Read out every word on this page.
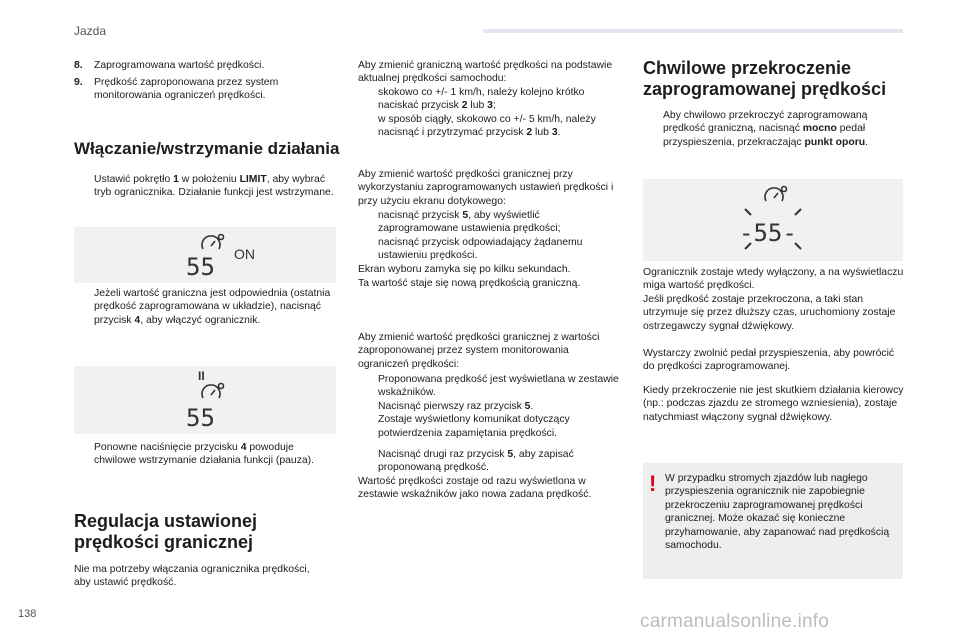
Jazda
138	carmanualsonline.info
8.	Zaprogramowana wartość prędkości.
9.	Prędkość zaproponowana przez system monitorowania ograniczeń prędkości.
Włączanie/wstrzymanie działania
Ustawić pokrętło 1 w położeniu LIMIT, aby wybrać tryb ogranicznika. Działanie funkcji jest wstrzymane.
55 ON
Jeżeli wartość graniczna jest odpowiednia (ostatnia prędkość zaprogramowana w układzie), nacisnąć przycisk 4, aby włączyć ogranicznik.
II
55
Ponowne naciśnięcie przycisku 4 powoduje chwilowe wstrzymanie działania funkcji (pauza).
Regulacja ustawionej
prędkości granicznej
Nie ma potrzeby włączania ogranicznika prędkości, aby ustawić prędkość.
Aby zmienić graniczną wartość prędkości na podstawie aktualnej prędkości samochodu:
skokowo co +/- 1 km/h, należy kolejno krótko naciskać przycisk 2 lub 3;
w sposób ciągły, skokowo co +/- 5 km/h, należy nacisnąć i przytrzymać przycisk 2 lub 3.
Aby zmienić wartość prędkości granicznej przy wykorzystaniu zaprogramowanych ustawień prędkości i przy użyciu ekranu dotykowego:
nacisnąć przycisk 5, aby wyświetlić zaprogramowane ustawienia prędkości;
nacisnąć przycisk odpowiadający żądanemu ustawieniu prędkości.
Ekran wyboru zamyka się po kilku sekundach.
Ta wartość staje się nową prędkością graniczną.
Aby zmienić wartość prędkości granicznej z wartości zaproponowanej przez system monitorowania ograniczeń prędkości:
Proponowana prędkość jest wyświetlana w zestawie wskaźników.
Nacisnąć pierwszy raz przycisk 5.
Zostaje wyświetlony komunikat dotyczący potwierdzenia zapamiętania prędkości.
Nacisnąć drugi raz przycisk 5, aby zapisać proponowaną prędkość.
Wartość prędkości zostaje od razu wyświetlona w zestawie wskaźników jako nowa zadana prędkość.
Chwilowe przekroczenie
zaprogramowanej prędkości
Aby chwilowo przekroczyć zaprogramowaną prędkość graniczną, nacisnąć mocno pedał przyspieszenia, przekraczając punkt oporu.
-55-
Ogranicznik zostaje wtedy wyłączony, a na wyświetlaczu miga wartość prędkości.
Jeśli prędkość zostaje przekroczona, a taki stan utrzymuje się przez dłuższy czas, uruchomiony zostaje ostrzegawczy sygnał dźwiękowy.
Wystarczy zwolnić pedał przyspieszenia, aby powrócić do prędkości zaprogramowanej.
Kiedy przekroczenie nie jest skutkiem działania kierowcy (np.: podczas zjazdu ze stromego wzniesienia), zostaje natychmiast włączony sygnał dźwiękowy.
! W przypadku stromych zjazdów lub nagłego przyspieszenia ogranicznik nie zapobiegnie przekroczeniu zaprogramowanej prędkości granicznej. Może okazać się konieczne przyhamowanie, aby zapanować nad prędkością samochodu.
